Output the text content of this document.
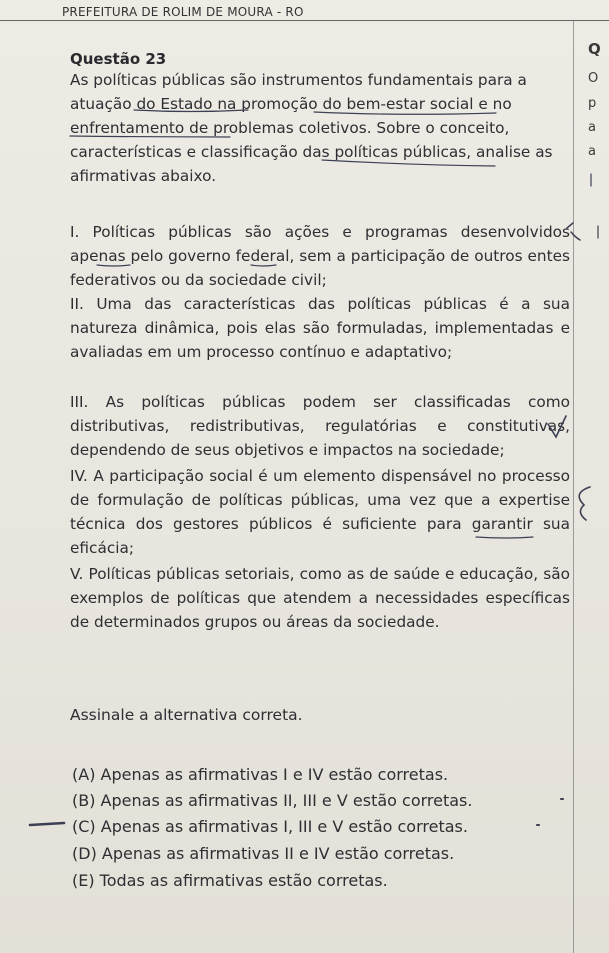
PREFEITURA DE ROLIM DE MOURA - RO
Questão 23
As políticas públicas são instrumentos fundamentais para a atuação do Estado na promoção do bem-estar social e no enfrentamento de problemas coletivos. Sobre o conceito, características e classificação das políticas públicas, analise as afirmativas abaixo.
I. Políticas públicas são ações e programas desenvolvidos apenas pelo governo federal, sem a participação de outros entes federativos ou da sociedade civil;
II. Uma das características das políticas públicas é a sua natureza dinâmica, pois elas são formuladas, implementadas e avaliadas em um processo contínuo e adaptativo;
III. As políticas públicas podem ser classificadas como distributivas, redistributivas, regulatórias e constitutivas, dependendo de seus objetivos e impactos na sociedade;
IV. A participação social é um elemento dispensável no processo de formulação de políticas públicas, uma vez que a expertise técnica dos gestores públicos é suficiente para garantir sua eficácia;
V. Políticas públicas setoriais, como as de saúde e educação, são exemplos de políticas que atendem a necessidades específicas de determinados grupos ou áreas da sociedade.
Assinale a alternativa correta.
(A) Apenas as afirmativas I e IV estão corretas.
(B) Apenas as afirmativas II, III e V estão corretas.
(C) Apenas as afirmativas I, III e V estão corretas.
(D) Apenas as afirmativas II e IV estão corretas.
(E) Todas as afirmativas estão corretas.
Q
O
p
a
a
